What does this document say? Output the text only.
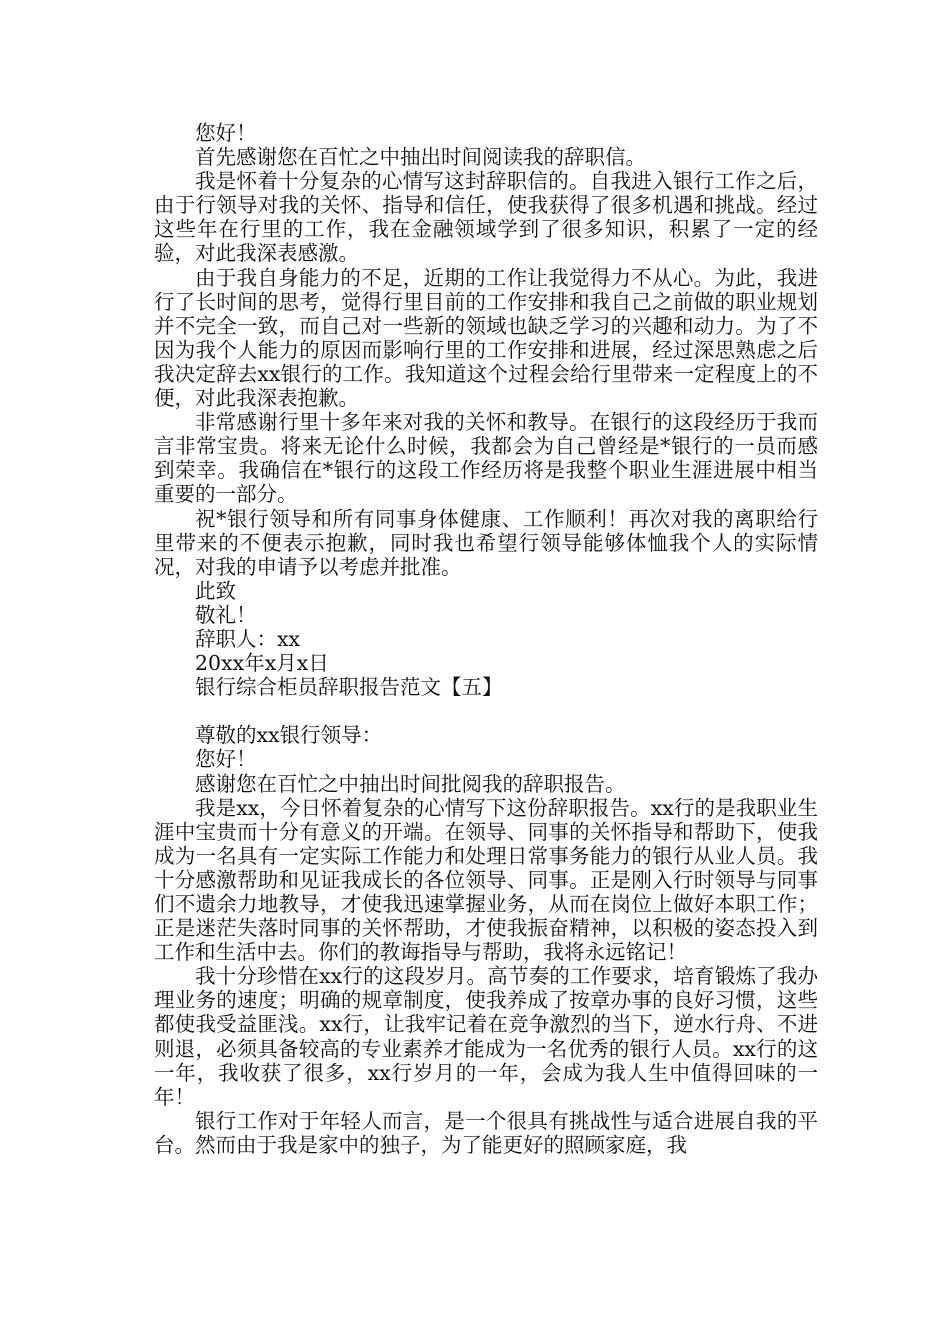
您好！

首先感谢您在百忙之中抽出时间阅读我的辞职信。

我是怀着十分复杂的心情写这封辞职信的。自我进入银行工作之后，由于行领导对我的关怀、指导和信任，使我获得了很多机遇和挑战。经过这些年在行里的工作，我在金融领域学到了很多知识，积累了一定的经验，对此我深表感激。

由于我自身能力的不足，近期的工作让我觉得力不从心。为此，我进行了长时间的思考，觉得行里目前的工作安排和我自己之前做的职业规划并不完全一致，而自己对一些新的领域也缺乏学习的兴趣和动力。为了不因为我个人能力的原因而影响行里的工作安排和进展，经过深思熟虑之后我决定辞去xx银行的工作。我知道这个过程会给行里带来一定程度上的不便，对此我深表抱歉。

非常感谢行里十多年来对我的关怀和教导。在银行的这段经历于我而言非常宝贵。将来无论什么时候，我都会为自己曾经是*银行的一员而感到荣幸。我确信在*银行的这段工作经历将是我整个职业生涯进展中相当重要的一部分。

祝*银行领导和所有同事身体健康、工作顺利！再次对我的离职给行里带来的不便表示抱歉，同时我也希望行领导能够体恤我个人的实际情况，对我的申请予以考虑并批准。

此致

敬礼！

辞职人：xx

20xx年x月x日

银行综合柜员辞职报告范文【五】

尊敬的xx银行领导：

您好！

感谢您在百忙之中抽出时间批阅我的辞职报告。

我是xx，今日怀着复杂的心情写下这份辞职报告。xx行的是我职业生涯中宝贵而十分有意义的开端。在领导、同事的关怀指导和帮助下，使我成为一名具有一定实际工作能力和处理日常事务能力的银行从业人员。我十分感激帮助和见证我成长的各位领导、同事。正是刚入行时领导与同事们不遗余力地教导，才使我迅速掌握业务，从而在岗位上做好本职工作；正是迷茫失落时同事的关怀帮助，才使我振奋精神，以积极的姿态投入到工作和生活中去。你们的教诲指导与帮助，我将永远铭记！

我十分珍惜在xx行的这段岁月。高节奏的工作要求，培育锻炼了我办理业务的速度；明确的规章制度，使我养成了按章办事的良好习惯，这些都使我受益匪浅。xx行，让我牢记着在竞争激烈的当下，逆水行舟、不进则退，必须具备较高的专业素养才能成为一名优秀的银行人员。xx行的这一年，我收获了很多，xx行岁月的一年，会成为我人生中值得回味的一年！

银行工作对于年轻人而言，是一个很具有挑战性与适合进展自我的平台。然而由于我是家中的独子，为了能更好的照顾家庭，我
